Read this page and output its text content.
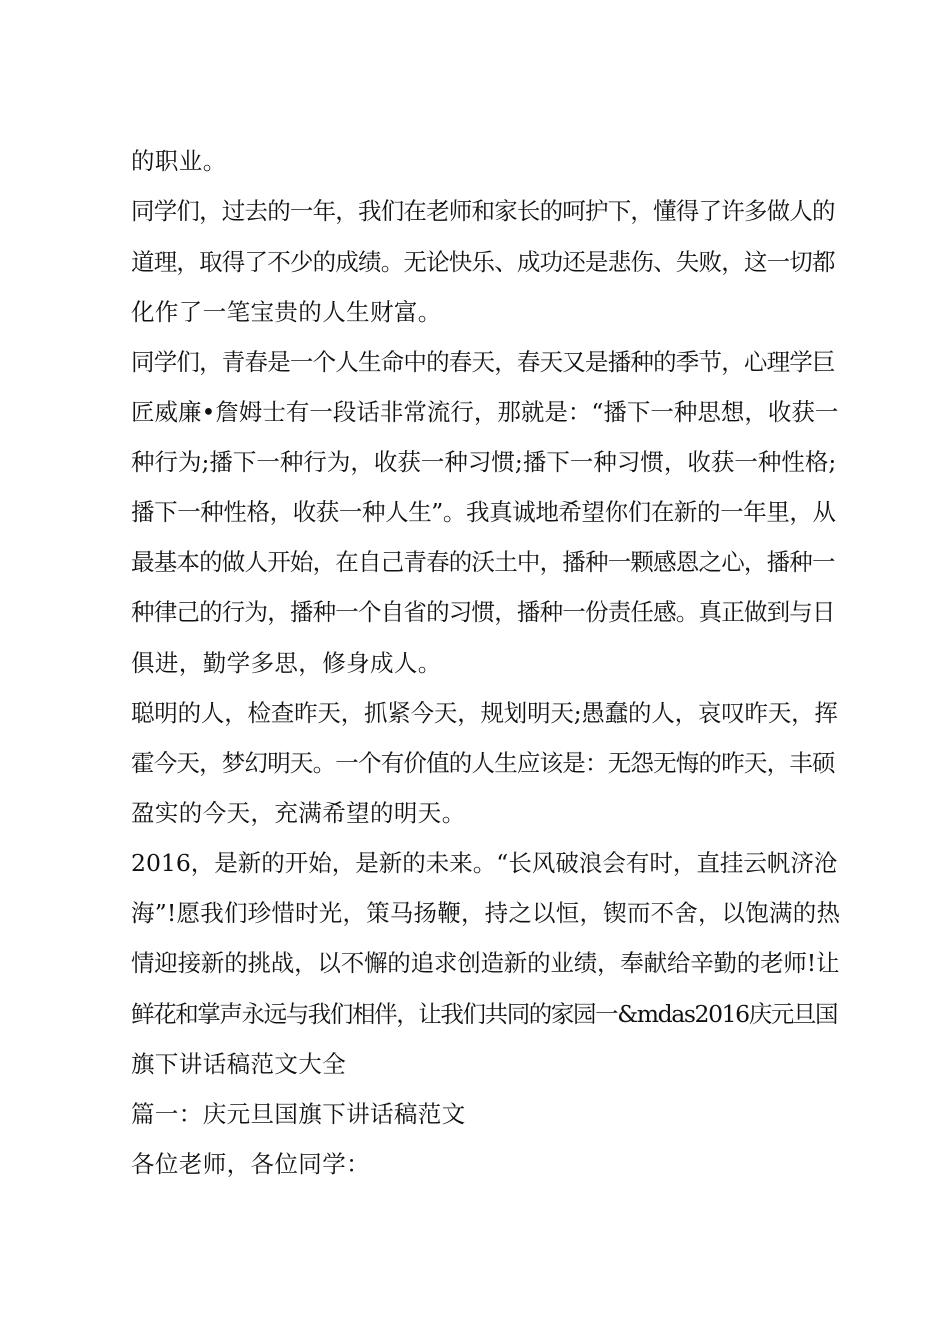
的职业。
同学们，过去的一年，我们在老师和家长的呵护下，懂得了许多做人的
道理，取得了不少的成绩。无论快乐、成功还是悲伤、失败，这一切都
化作了一笔宝贵的人生财富。
同学们，青春是一个人生命中的春天，春天又是播种的季节，心理学巨
匠威廉•詹姆士有一段话非常流行，那就是：“播下一种思想，收获一
种行为;播下一种行为，收获一种习惯;播下一种习惯，收获一种性格;
播下一种性格，收获一种人生”。我真诚地希望你们在新的一年里，从
最基本的做人开始，在自己青春的沃土中，播种一颗感恩之心，播种一
种律己的行为，播种一个自省的习惯，播种一份责任感。真正做到与日
俱进，勤学多思，修身成人。
聪明的人，检查昨天，抓紧今天，规划明天;愚蠢的人，哀叹昨天，挥
霍今天，梦幻明天。一个有价值的人生应该是：无怨无悔的昨天，丰硕
盈实的今天，充满希望的明天。
2016，是新的开始，是新的未来。“长风破浪会有时，直挂云帆济沧
海”!愿我们珍惜时光，策马扬鞭，持之以恒，锲而不舍，以饱满的热
情迎接新的挑战，以不懈的追求创造新的业绩，奉献给辛勤的老师!让
鲜花和掌声永远与我们相伴，让我们共同的家园一&mdas2016庆元旦国
旗下讲话稿范文大全
篇一：庆元旦国旗下讲话稿范文
各位老师，各位同学：
